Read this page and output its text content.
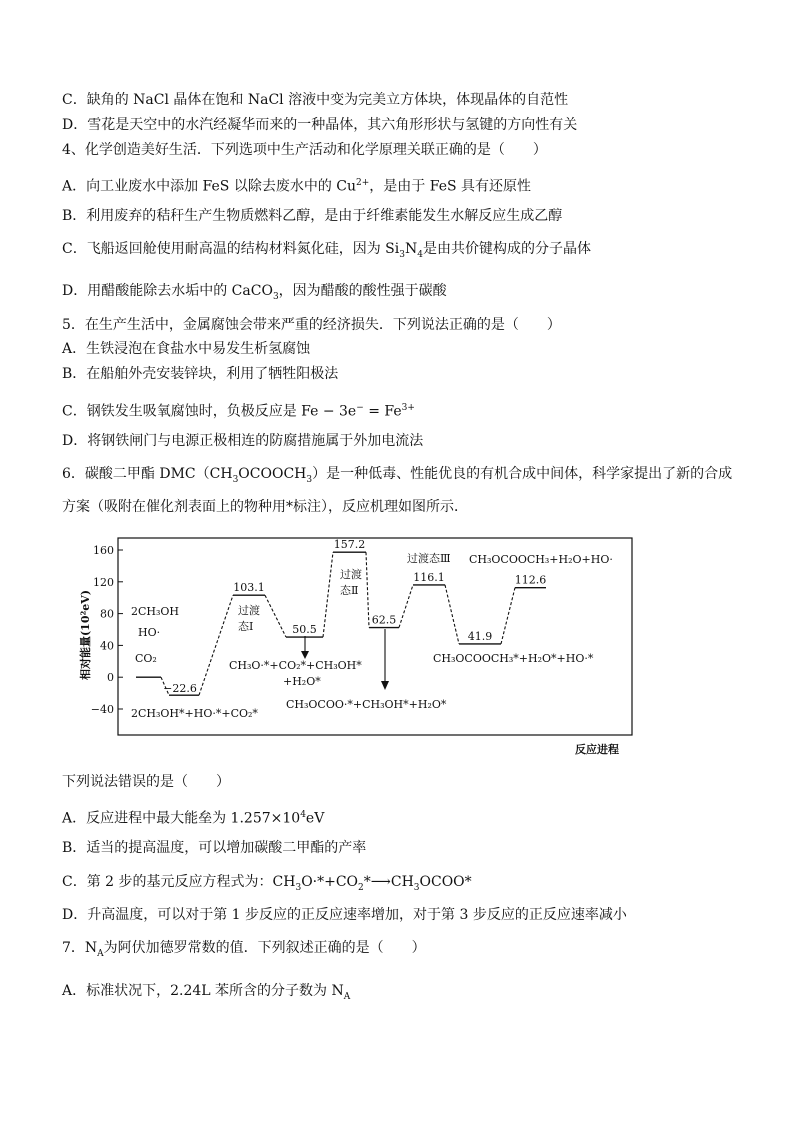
C．缺角的 NaCl 晶体在饱和 NaCl 溶液中变为完美立方体块，体现晶体的自范性
D．雪花是天空中的水汽经凝华而来的一种晶体，其六角形形状与氢键的方向性有关
4、化学创造美好生活．下列选项中生产活动和化学原理关联正确的是（　　）
A．向工业废水中添加 FeS 以除去废水中的 $Cu^{2+}$，是由于 FeS 具有还原性
B．利用废弃的秸秆生产生物质燃料乙醇，是由于纤维素能发生水解反应生成乙醇
C．飞船返回舱使用耐高温的结构材料氮化硅，因为 $Si_3N_4$是由共价键构成的分子晶体
D．用醋酸能除去水垢中的 CaCO$_3$，因为醋酸的酸性强于碳酸
5．在生产生活中，金属腐蚀会带来严重的经济损失．下列说法正确的是（　　）
A．生铁浸泡在食盐水中易发生析氢腐蚀
B．在船舶外壳安装锌块，利用了牺牲阳极法
C．钢铁发生吸氧腐蚀时，负极反应是 $Fe - 3e^- = Fe^{3+}$
D．将钢铁闸门与电源正极相连的防腐措施属于外加电流法
6．碳酸二甲酯 $DMC(CH_3OCOOCH_3)$是一种低毒、性能优良的有机合成中间体，科学家提出了新的合成
方案（吸附在催化剂表面上的物种用*标注），反应机理如图所示．
相对能量(10²eV)
160
120
80
40
0
−40
−22.6
103.1
50.5
157.2
62.5
116.1
41.9
112.6
过渡
态Ⅰ
过渡
态Ⅱ
过渡态Ⅲ
2CH₃OH
HO·
CO₂
2CH₃OH*+HO·*+CO₂*
CH₃O·*+CO₂*+CH₃OH*
+H₂O*
CH₃OCOO·*+CH₃OH*+H₂O*
CH₃OCOOCH₃*+H₂O*+HO·*
CH₃OCOOCH₃+H₂O+HO·
反应进程
下列说法错误的是（　　）
A．反应进程中最大能垒为 $1.257\times 10^4eV$
B．适当的提高温度，可以增加碳酸二甲酯的产率
C．第 2 步的基元反应方程式为：$CH_3O\cdot*+CO_2*⟶CH_3OCOO*$
D．升高温度，可以对于第 1 步反应的正反应速率增加，对于第 3 步反应的正反应速率减小
7．$N_A$为阿伏加德罗常数的值．下列叙述正确的是（　　）
A．标准状况下，2.24L 苯所含的分子数为 $N_A$
